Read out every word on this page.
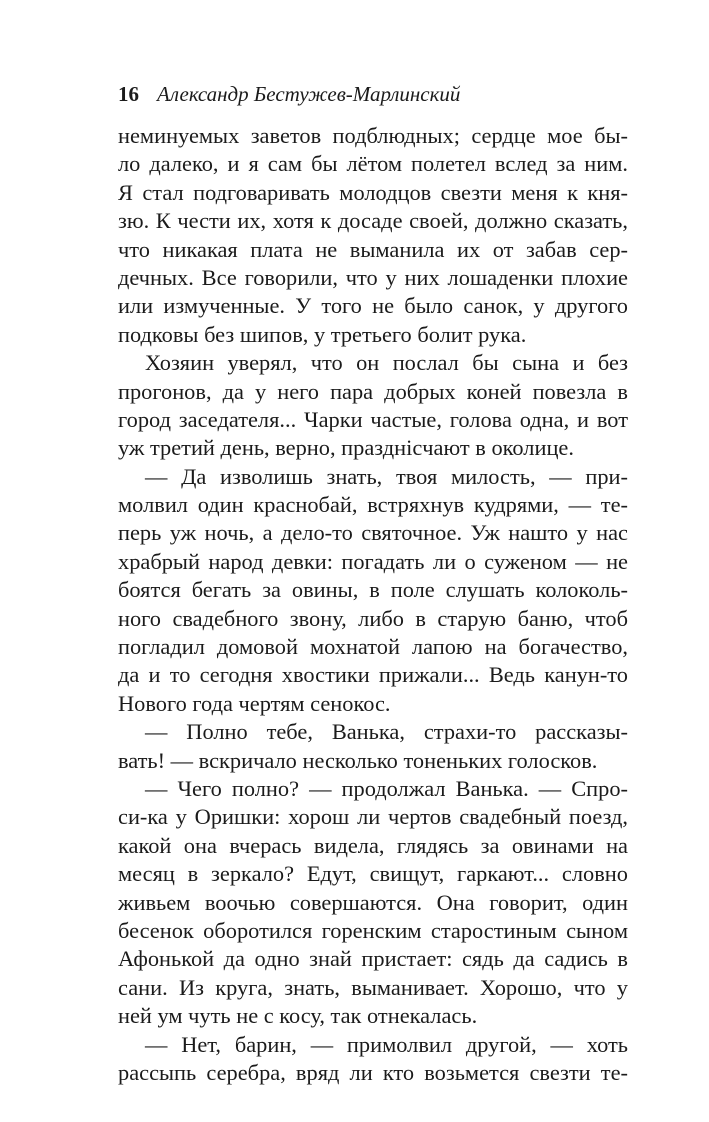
16 Александр Бестужев-Марлинский
неминуемых заветов подблюдных; сердце мое бы-
ло далеко, и я сам бы лётом полетел вслед за ним.
Я стал подговаривать молодцов свезти меня к кня-
зю. К чести их, хотя к досаде своей, должно сказать,
что никакая плата не выманила их от забав сер-
дечных. Все говорили, что у них лошаденки плохие
или измученные. У того не было санок, у другого
подковы без шипов, у третьего болит рука.
Хозяин уверял, что он послал бы сына и без
прогонов, да у него пара добрых коней повезла в
город заседателя... Чарки частые, голова одна, и вот
уж третий день, верно, празднicчают в околице.
— Да изволишь знать, твоя милость, — при-
молвил один краснобай, встряхнув кудрями, — те-
перь уж ночь, а дело-то святочное. Уж нашто у нас
храбрый народ девки: погадать ли о суженом — не
боятся бегать за овины, в поле слушать колоколь-
ного свадебного звону, либо в старую баню, чтоб
погладил домовой мохнатой лапою на богачество,
да и то сегодня хвостики прижали... Ведь канун-то
Нового года чертям сенокос.
— Полно тебе, Ванька, страхи-то рассказы-
вать! — вскричало несколько тоненьких голосков.
— Чего полно? — продолжал Ванька. — Спро-
си-ка у Оришки: хорош ли чертов свадебный поезд,
какой она вчерась видела, глядясь за овинами на
месяц в зеркало? Едут, свищут, гаркают... словно
живьем воочью совершаются. Она говорит, один
бесенок оборотился горенским старостиным сыном
Афонькой да одно знай пристает: сядь да садись в
сани. Из круга, знать, выманивает. Хорошо, что у
ней ум чуть не с косу, так отнекалась.
— Нет, барин, — примолвил другой, — хоть
рассыпь серебра, вряд ли кто возьмется свезти те-
